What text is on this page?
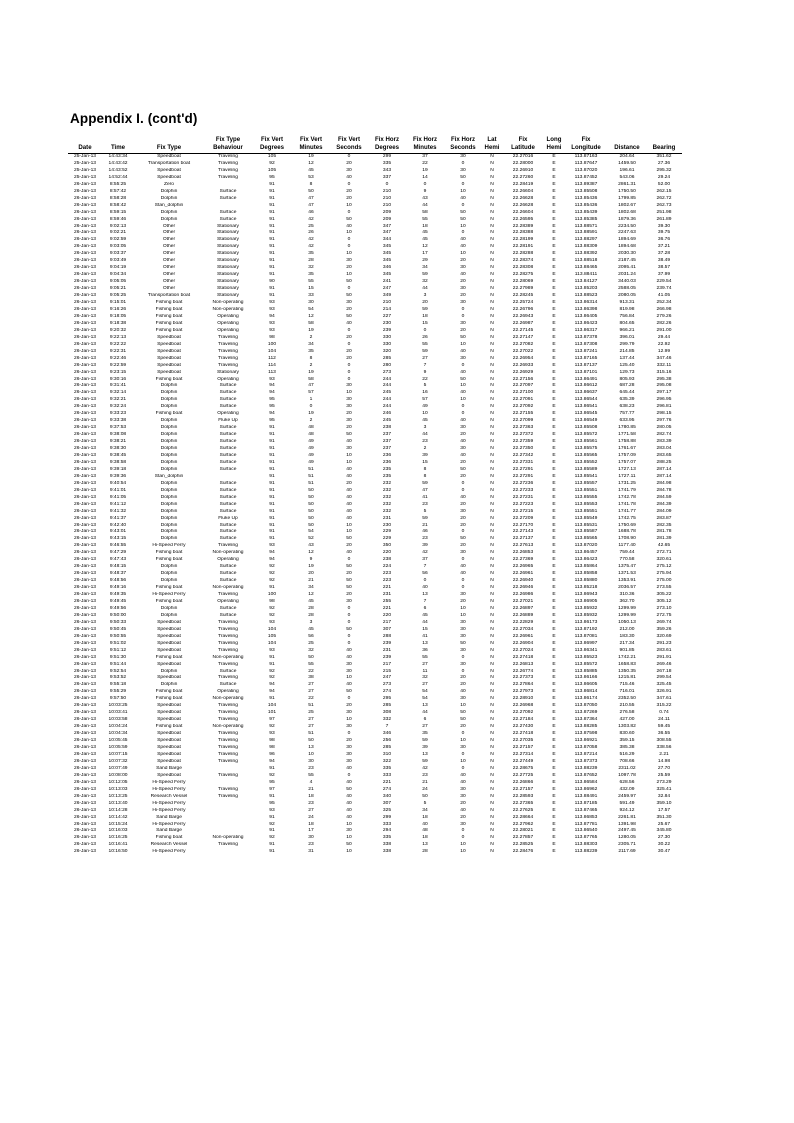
Appendix I. (cont'd)
			Fix Type	Fix Vert	Fix Vert	Fix Vert	Fix Horz	Fix Horz	Fix Horz	Lat	Fix	Long	Fix		
Date	Time	Fix Type	Behaviour	Degrees	Minutes	Seconds	Degrees	Minutes	Seconds	Hemi	Latitude	Hemi	Longitude	Distance	Bearing
25-Jan-13	14:43:34	Speedboat	Traveling	105	19	0	299	37	30	N	22.27016	E	113.87163	204.64	351.62
25-Jan-13	14:43:42	Transportation boat	Traveling	92	12	20	335	22	0	N	22.28000	E	113.87647	1459.50	27.36
25-Jan-13	14:43:52	Speedboat	Traveling	105	45	30	343	19	30	N	22.26910	E	113.87020	196.61	295.32
25-Jan-13	14:52:44	Speedboat	Traveling	95	53	40	337	14	50	N	22.27260	E	113.87452	543.06	29.24
26-Jan-13	8:55:25	Zero		91	8	0	0	0	0	N	22.28419	E	113.89387	2861.31	52.00
26-Jan-13	8:57:42	Dolphin	Surface	91	50	20	210	9	10	N	22.26604	E	113.85508	1750.50	262.15
26-Jan-13	8:58:28	Dolphin	Surface	91	47	20	210	43	40	N	22.26628	E	113.85436	1799.85	262.72
26-Jan-13	8:58:42	Stan_dolphin		91	47	10	210	44	0	N	22.26628	E	113.85436	1802.67	262.73
26-Jan-13	8:59:15	Dolphin	Surface	91	46	0	209	58	50	N	22.26604	E	113.85439	1802.68	251.98
26-Jan-13	8:59:46	Dolphin	Surface	91	42	50	209	55	50	N	22.26595	E	113.85385	1879.36	261.89
26-Jan-13	9:02:13	Other	Stationary	91	25	40	347	18	10	N	22.28389	E	113.88571	2234.50	39.30
26-Jan-13	9:02:21	Other	Stationary	91	26	10	347	45	0	N	22.28388	E	113.88591	2247.63	39.75
26-Jan-13	9:02:59	Other	Stationary	91	42	0	344	45	40	N	22.28199	E	113.88297	1894.69	36.76
26-Jan-13	9:03:05	Other	Stationary	91	42	0	345	12	40	N	22.28191	E	113.88309	1894.68	37.21
26-Jan-13	9:03:37	Other	Stationary	91	35	10	345	17	10	N	22.28288	E	113.88392	2030.30	37.28
26-Jan-13	9:03:49	Other	Stationary	91	28	30	345	29	20	N	22.28374	E	113.88518	2187.45	38.49
26-Jan-13	9:04:19	Other	Stationary	91	32	20	346	34	30	N	22.28308	E	113.88465	2095.41	38.57
26-Jan-13	9:04:34	Other	Stationary	91	35	10	345	59	40	N	22.28275	E	113.88411	2031.24	37.99
26-Jan-13	9:05:05	Other	Stationary	90	55	50	241	32	20	N	22.28069	E	113.84127	3440.03	229.54
26-Jan-13	9:05:21	Other	Stationary	91	15	0	247	44	30	N	22.27989	E	113.85203	2588.05	239.74
26-Jan-13	9:05:25	Transportation boat	Stationary	91	33	50	349	3	20	N	22.28245	E	113.88523	2080.05	41.05
26-Jan-13	9:15:01	Fishing boat	Non-operating	93	30	30	210	20	30	N	22.25724	E	113.86314	913.31	252.34
26-Jan-13	9:16:26	Fishing boat	Non-operating	93	54	20	214	59	0	N	22.26796	E	113.86398	819.98	266.98
26-Jan-13	9:18:05	Fishing boat	Operating	94	12	50	227	18	0	N	22.26943	E	113.86405	756.84	279.26
26-Jan-13	9:18:38	Fishing boat	Operating	93	58	40	230	15	30	N	22.26987	E	113.86423	804.65	282.26
26-Jan-13	9:20:32	Fishing boat	Operating	93	19	0	239	0	20	N	22.27145	E	113.86317	966.21	291.00
26-Jan-13	9:22:13	Speedboat	Traveling	98	2	20	330	26	50	N	22.27147	E	113.87378	396.01	29.44
26-Jan-13	9:22:22	Speedboat	Traveling	100	34	0	330	55	10	N	22.27082	E	113.87308	299.79	22.92
26-Jan-13	9:22:31	Speedboat	Traveling	104	35	20	320	59	40	N	22.27022	E	113.87241	214.85	12.99
26-Jan-13	9:22:46	Speedboat	Traveling	112	8	20	285	27	30	N	22.26954	E	113.87165	137.44	347.46
26-Jan-13	9:22:59	Speedboat	Traveling	114	2	0	280	7	0	N	22.26933	E	113.87137	125.40	332.11
26-Jan-13	9:23:15	Speedboat	Stationary	113	19	0	273	9	40	N	22.26929	E	113.87101	129.73	315.16
26-Jan-13	9:30:16	Fishing boat	Operating	93	58	0	244	22	50	N	22.27156	E	113.86491	805.93	295.38
26-Jan-13	9:31:41	Dolphin	Surface	94	47	30	244	5	10	N	22.27097	E	113.86612	687.28	295.08
26-Jan-13	9:32:14	Dolphin	Surface	94	57	10	245	16	40	N	22.27100	E	113.86637	645.44	297.17
26-Jan-13	9:32:21	Dolphin	Surface	95	1	30	244	57	10	N	22.27091	E	113.86544	635.39	296.95
26-Jan-13	9:32:24	Dolphin	Surface	95	0	30	244	49	0	N	22.27092	E	113.86541	638.23	296.81
26-Jan-13	9:33:23	Fishing boat	Operating	94	19	20	246	10	0	N	22.27155	E	113.86545	757.77	298.15
26-Jan-13	9:33:38	Dolphin	Fluke Up	95	2	30	245	45	40	N	22.27099	E	113.86549	633.95	297.76
26-Jan-13	9:37:53	Dolphin	Surface	91	48	20	238	3	30	N	22.27363	E	113.85508	1780.85	280.05
26-Jan-13	9:38:08	Dolphin	Surface	91	48	50	237	44	20	N	22.27372	E	113.85572	1771.58	282.74
26-Jan-13	9:38:21	Dolphin	Surface	91	49	40	237	23	40	N	22.27359	E	113.85561	1758.88	283.39
26-Jan-13	9:38:30	Dolphin	Surface	91	49	30	237	2	30	N	22.27350	E	113.85575	1761.67	283.04
26-Jan-13	9:38:45	Dolphin	Surface	91	49	10	236	39	40	N	22.27342	E	113.85565	1757.09	283.65
26-Jan-13	9:38:58	Dolphin	Surface	91	49	10	236	15	20	N	22.27331	E	113.85552	1757.07	288.25
26-Jan-13	9:39:18	Dolphin	Surface	91	51	40	235	8	50	N	22.27291	E	113.85589	1727.13	287.14
26-Jan-13	9:39:36	Stan_dolphin		91	51	40	235	8	20	N	22.27291	E	113.85541	1727.11	287.14
26-Jan-13	9:40:54	Dolphin	Surface	91	51	20	232	59	0	N	22.27236	E	113.85557	1731.25	284.98
26-Jan-13	9:41:01	Dolphin	Surface	91	50	40	232	47	0	N	22.27233	E	113.85551	1741.79	284.78
26-Jan-13	9:41:05	Dolphin	Surface	91	50	40	232	41	40	N	22.27231	E	113.85555	1742.78	284.59
26-Jan-13	9:41:12	Dolphin	Surface	91	50	40	232	23	20	N	22.27223	E	113.85553	1741.78	284.39
26-Jan-13	9:41:32	Dolphin	Surface	91	50	40	232	5	30	N	22.27215	E	113.85551	1741.77	284.09
26-Jan-13	9:41:37	Dolphin	Fluke Up	91	50	40	231	59	20	N	22.27209	E	113.85549	1742.75	283.87
26-Jan-13	9:42:40	Dolphin	Surface	91	50	10	230	21	20	N	22.27170	E	113.85531	1750.69	282.35
26-Jan-13	9:43:01	Dolphin	Surface	91	54	10	229	46	0	N	22.27143	E	113.85587	1688.78	281.78
26-Jan-13	9:43:15	Dolphin	Surface	91	52	50	229	23	50	N	22.27137	E	113.85565	1708.90	281.39
26-Jan-13	9:46:55	Hi-Speed Ferry	Traveling	93	43	20	350	39	20	N	22.27613	E	113.87020	1177.40	42.65
26-Jan-13	9:47:29	Fishing boat	Non-operating	94	12	40	220	42	30	N	22.26853	E	113.86457	759.44	272.71
26-Jan-13	9:47:43	Fishing boat	Operating	94	9	0	238	37	0	N	22.27369	E	113.86423	770.58	320.61
26-Jan-13	9:48:15	Dolphin	Surface	92	19	50	224	7	40	N	22.26965	E	113.85864	1375.47	275.12
26-Jan-13	9:48:37	Dolphin	Surface	92	20	20	223	56	40	N	22.26961	E	113.85858	1371.53	275.94
26-Jan-13	9:48:56	Dolphin	Surface	92	21	50	223	0	0	N	22.26940	E	113.85880	1353.91	275.00
26-Jan-13	9:49:16	Fishing boat	Non-operating	91	34	50	221	40	0	N	22.26946	E	113.85218	2036.57	273.55
26-Jan-13	9:49:35	Hi-Speed Ferry	Traveling	100	12	20	231	13	30	N	22.26986	E	113.86943	310.36	305.22
26-Jan-13	9:49:45	Fishing boat	Operating	98	45	30	255	7	20	N	22.27021	E	113.86905	362.70	305.12
26-Jan-13	9:49:56	Dolphin	Surface	92	28	0	221	6	10	N	22.26897	E	113.85932	1299.99	273.10
26-Jan-13	9:50:00	Dolphin	Surface	92	28	0	220	45	10	N	22.26889	E	113.85932	1299.99	272.75
26-Jan-13	9:50:33	Speedboat	Traveling	93	3	0	217	44	30	N	22.22829	E	113.86173	1050.13	269.74
26-Jan-13	9:50:45	Speedboat	Traveling	104	45	50	307	15	30	N	22.27034	E	113.87192	212.00	359.26
26-Jan-13	9:50:55	Speedboat	Traveling	105	56	0	288	41	30	N	22.26961	E	113.87081	183.30	320.69
26-Jan-13	9:51:02	Speedboat	Traveling	104	25	0	239	13	50	N	22.26904	E	113.86997	217.34	291.23
26-Jan-13	9:51:12	Speedboat	Traveling	93	32	40	231	36	30	N	22.27024	E	113.86341	901.85	283.61
26-Jan-13	9:51:30	Fishing boat	Non-operating	91	50	40	239	55	0	N	22.27418	E	113.85523	1742.21	291.91
26-Jan-13	9:51:44	Speedboat	Traveling	91	55	30	217	27	30	N	22.26813	E	113.85572	1658.83	269.46
26-Jan-13	9:52:54	Dolphin	Surface	92	22	30	215	11	0	N	22.26774	E	113.85885	1350.35	267.18
26-Jan-13	9:53:52	Speedboat	Traveling	92	38	10	247	32	20	N	22.27373	E	113.86166	1215.81	299.54
26-Jan-13	9:55:18	Dolphin	Surface	94	27	40	273	27	20	N	22.27864	E	113.86605	715.46	325.45
26-Jan-13	9:55:29	Fishing boat	Operating	94	27	50	274	54	40	N	22.27973	E	113.86814	716.01	326.91
26-Jan-13	9:57:50	Fishing boat	Non-operating	91	22	0	295	54	30	N	22.28910	E	113.86174	2352.50	347.61
26-Jan-13	10:03:25	Speedboat	Traveling	104	51	20	285	13	10	N	22.26968	E	113.87050	210.55	315.22
26-Jan-13	10:03:41	Speedboat	Traveling	101	25	30	308	44	50	N	22.27092	E	113.87269	276.58	0.74
26-Jan-13	10:03:58	Speedboat	Traveling	97	27	10	332	6	50	N	22.27184	E	113.87364	427.00	24.11
26-Jan-13	10:04:24	Fishing boat	Non-operating	92	27	30	7	27	20	N	22.27430	E	113.88285	1303.82	59.45
26-Jan-13	10:04:34	Speedboat	Traveling	93	51	0	346	35	0	N	22.27418	E	113.87598	830.60	36.55
26-Jan-13	10:05:45	Speedboat	Traveling	98	50	20	256	59	10	N	22.27035	E	113.86921	359.15	308.55
26-Jan-13	10:05:59	Speedboat	Traveling	98	13	30	285	39	30	N	22.27157	E	113.87058	385.38	338.56
26-Jan-13	10:07:15	Speedboat	Traveling	96	10	30	310	13	0	N	22.27314	E	113.87214	516.29	2.21
26-Jan-13	10:07:32	Speedboat	Traveling	94	30	30	322	59	10	N	22.27449	E	113.87373	708.66	14.98
26-Jan-13	10:07:49	Sand Barge		91	23	40	335	42	0	N	22.28675	E	113.88239	2311.02	27.70
26-Jan-13	10:08:00	Speedboat	Traveling	92	55	0	333	23	40	N	22.27725	E	113.87652	1097.78	25.59
26-Jan-13	10:12:05	Hi-Speed Ferry		95	4	40	221	21	40	N	22.26866	E	113.86584	628.56	273.29
26-Jan-13	10:13:03	Hi-Speed Ferry	Traveling	97	21	50	274	24	30	N	22.27157	E	113.86962	432.09	325.41
26-Jan-13	10:13:25	Research Vessel	Traveling	91	18	40	340	50	30	N	22.28593	E	113.88491	2459.97	32.84
26-Jan-13	10:13:40	Hi-Speed Ferry		95	23	40	307	5	20	N	22.27365	E	113.87185	591.49	359.10
26-Jan-13	10:14:28	Hi-Speed Ferry		93	27	40	325	34	40	N	22.27625	E	113.87465	924.12	17.57
26-Jan-13	10:14:42	Sand Barge		91	24	40	299	18	20	N	22.28664	E	113.86853	2261.81	351.30
26-Jan-13	10:15:24	Hi-Speed Ferry		92	18	10	333	40	30	N	22.27962	E	113.87781	1391.98	25.67
26-Jan-13	10:16:03	Sand Barge		91	17	30	294	48	0	N	22.28021	E	113.86540	2497.45	345.80
26-Jan-13	10:16:25	Fishing boat	Non-operating	92	30	10	335	18	0	N	22.27857	E	113.87765	1280.05	27.30
26-Jan-13	10:16:41	Research Vessel	Traveling	91	23	50	338	13	10	N	22.28525	E	113.88303	2305.71	30.22
26-Jan-13	10:16:50	Hi-Speed Ferry		91	31	10	338	28	10	N	22.28476	E	113.88239	2117.69	30.47
